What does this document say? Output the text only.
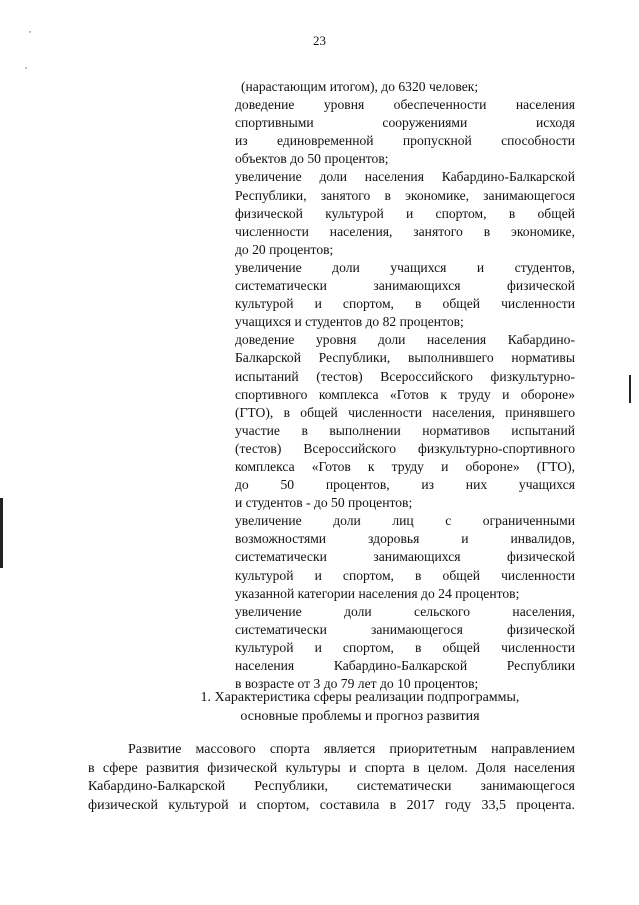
˙
˙
23
(нарастающим итогом), до 6320 человек;
доведение уровня обеспеченности населения
спортивными сооружениями исходя
из единовременной пропускной способности
объектов до 50 процентов;
увеличение доли населения Кабардино-Балкарской
Республики, занятого в экономике, занимающегося
физической культурой и спортом, в общей
численности населения, занятого в экономике,
до 20 процентов;
увеличение доли учащихся и студентов,
систематически занимающихся физической
культурой и спортом, в общей численности
учащихся и студентов до 82 процентов;
доведение уровня доли населения Кабардино-
Балкарской Республики, выполнившего нормативы
испытаний (тестов) Всероссийского физкультурно-
спортивного комплекса «Готов к труду и обороне»
(ГТО), в общей численности населения, принявшего
участие в выполнении нормативов испытаний
(тестов) Всероссийского физкультурно-спортивного
комплекса «Готов к труду и обороне» (ГТО),
до 50 процентов, из них учащихся
и студентов - до 50 процентов;
увеличение доли лиц с ограниченными
возможностями здоровья и инвалидов,
систематически занимающихся физической
культурой и спортом, в общей численности
указанной категории населения до 24 процентов;
увеличение доли сельского населения,
систематически занимающегося физической
культурой и спортом, в общей численности
населения Кабардино-Балкарской Республики
в возрасте от 3 до 79 лет до 10 процентов;
1. Характеристика сферы реализации подпрограммы,
основные проблемы и прогноз развития
Развитие массового спорта является приоритетным направлением
в сфере развития физической культуры и спорта в целом. Доля населения
Кабардино-Балкарской Республики, систематически занимающегося
физической культурой и спортом, составила в 2017 году 33,5 процента.
